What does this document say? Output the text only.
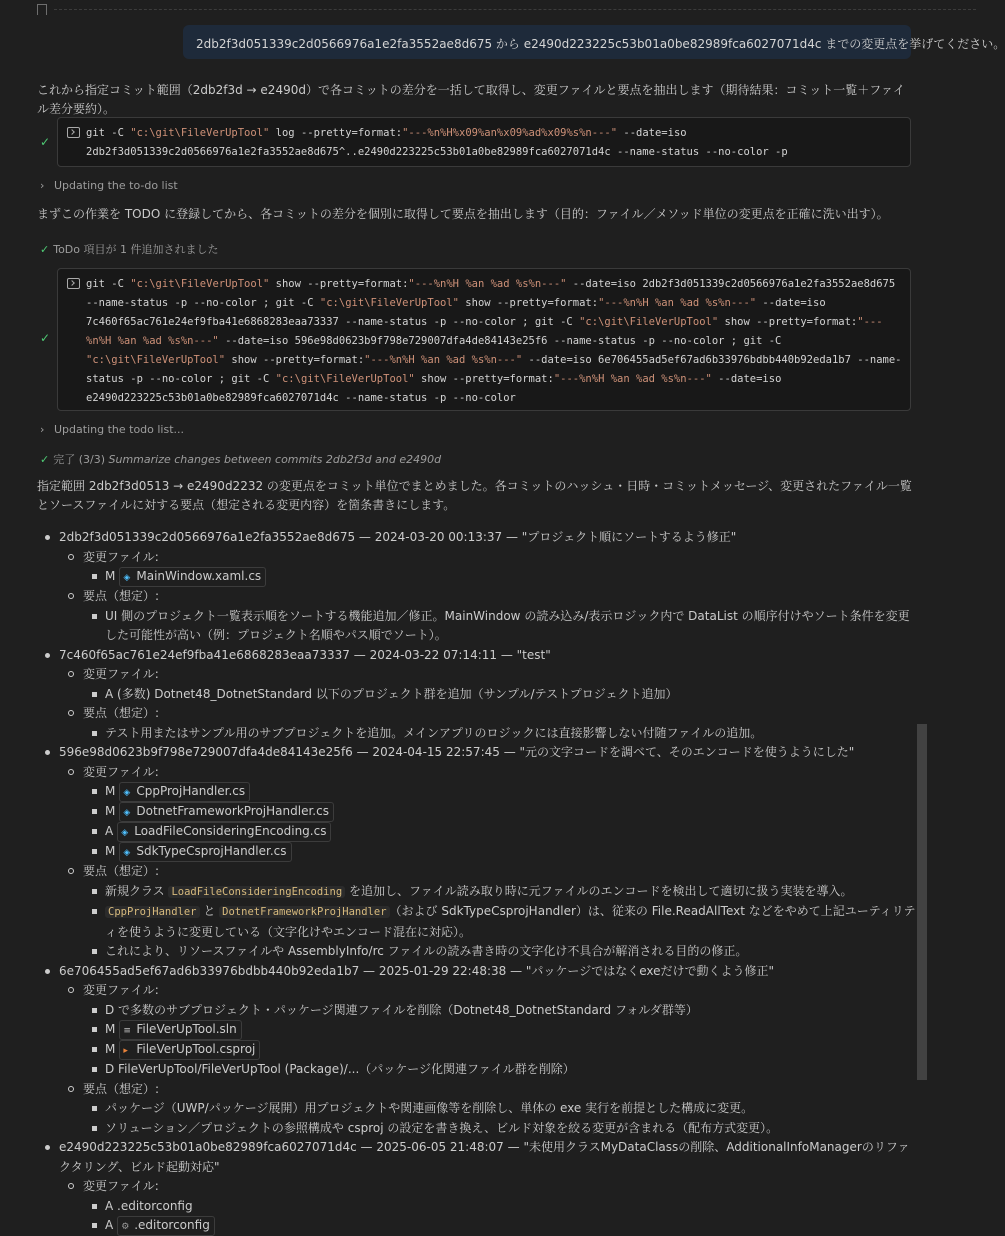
2db2f3d051339c2d0566976a1e2fa3552ae8d675 から e2490d223225c53b01a0be82989fca6027071d4c までの変更点を挙げてください。
これから指定コミット範囲（2db2f3d → e2490d）で各コミットの差分を一括して取得し、変更ファイルと要点を抽出します（期待結果：コミット一覧＋ファイル差分要約）。
✓
git -C "c:\git\FileVerUpTool" log --pretty=format:"---%n%H%x09%an%x09%ad%x09%s%n---" --date=iso
2db2f3d051339c2d0566976a1e2fa3552ae8d675^..e2490d223225c53b01a0be82989fca6027071d4c --name-status --no-color -p
› Updating the to-do list
まずこの作業を TODO に登録してから、各コミットの差分を個別に取得して要点を抽出します（目的：ファイル／メソッド単位の変更点を正確に洗い出す）。
✓ ToDo 項目が 1 件追加されました
✓
git -C "c:\git\FileVerUpTool" show --pretty=format:"---%n%H %an %ad %s%n---" --date=iso 2db2f3d051339c2d0566976a1e2fa3552ae8d675
--name-status -p --no-color ; git -C "c:\git\FileVerUpTool" show --pretty=format:"---%n%H %an %ad %s%n---" --date=iso
7c460f65ac761e24ef9fba41e6868283eaa73337 --name-status -p --no-color ; git -C "c:\git\FileVerUpTool" show --pretty=format:"---
%n%H %an %ad %s%n---" --date=iso 596e98d0623b9f798e729007dfa4de84143e25f6 --name-status -p --no-color ; git -C
"c:\git\FileVerUpTool" show --pretty=format:"---%n%H %an %ad %s%n---" --date=iso 6e706455ad5ef67ad6b33976bdbb440b92eda1b7 --name-
status -p --no-color ; git -C "c:\git\FileVerUpTool" show --pretty=format:"---%n%H %an %ad %s%n---" --date=iso
e2490d223225c53b01a0be82989fca6027071d4c --name-status -p --no-color
› Updating the todo list...
✓ 完了 (3/3) Summarize changes between commits 2db2f3d and e2490d
指定範囲 2db2f3d0513 → e2490d2232 の変更点をコミット単位でまとめました。各コミットのハッシュ・日時・コミットメッセージ、変更されたファイル一覧とソースファイルに対する要点（想定される変更内容）を箇条書きにします。
2db2f3d051339c2d0566976a1e2fa3552ae8d675 — 2024-03-20 00:13:37 — "プロジェクト順にソートするよう修正"
変更ファイル:
M ◈ MainWindow.xaml.cs
要点（想定）:
UI 側のプロジェクト一覧表示順をソートする機能追加／修正。MainWindow の読み込み/表示ロジック内で DataList の順序付けやソート条件を変更した可能性が高い（例：プロジェクト名順やパス順でソート）。
7c460f65ac761e24ef9fba41e6868283eaa73337 — 2024-03-22 07:14:11 — "test"
変更ファイル:
A (多数) Dotnet48_DotnetStandard 以下のプロジェクト群を追加（サンプル/テストプロジェクト追加）
要点（想定）:
テスト用またはサンプル用のサブプロジェクトを追加。メインアプリのロジックには直接影響しない付随ファイルの追加。
596e98d0623b9f798e729007dfa4de84143e25f6 — 2024-04-15 22:57:45 — "元の文字コードを調べて、そのエンコードを使うようにした"
変更ファイル:
M ◈ CppProjHandler.cs
M ◈ DotnetFrameworkProjHandler.cs
A ◈ LoadFileConsideringEncoding.cs
M ◈ SdkTypeCsprojHandler.cs
要点（想定）:
新規クラス LoadFileConsideringEncoding を追加し、ファイル読み取り時に元ファイルのエンコードを検出して適切に扱う実装を導入。
CppProjHandler と DotnetFrameworkProjHandler （および SdkTypeCsprojHandler）は、従来の File.ReadAllText などをやめて上記ユーティリティを使うように変更している（文字化けやエンコード混在に対応）。
これにより、リソースファイルや AssemblyInfo/rc ファイルの読み書き時の文字化け不具合が解消される目的の修正。
6e706455ad5ef67ad6b33976bdbb440b92eda1b7 — 2025-01-29 22:48:38 — "パッケージではなくexeだけで動くよう修正"
変更ファイル:
D で多数のサブプロジェクト・パッケージ関連ファイルを削除（Dotnet48_DotnetStandard フォルダ群等）
M ≡ FileVerUpTool.sln
M ▸ FileVerUpTool.csproj
D FileVerUpTool/FileVerUpTool (Package)/...（パッケージ化関連ファイル群を削除）
要点（想定）:
パッケージ（UWP/パッケージ展開）用プロジェクトや関連画像等を削除し、単体の exe 実行を前提とした構成に変更。
ソリューション／プロジェクトの参照構成や csproj の設定を書き換え、ビルド対象を絞る変更が含まれる（配布方式変更）。
e2490d223225c53b01a0be82989fca6027071d4c — 2025-06-05 21:48:07 — "未使用クラスMyDataClassの削除、AdditionalInfoManagerのリファクタリング、ビルド起動対応"
変更ファイル:
A .editorconfig
A ⚙ .editorconfig
